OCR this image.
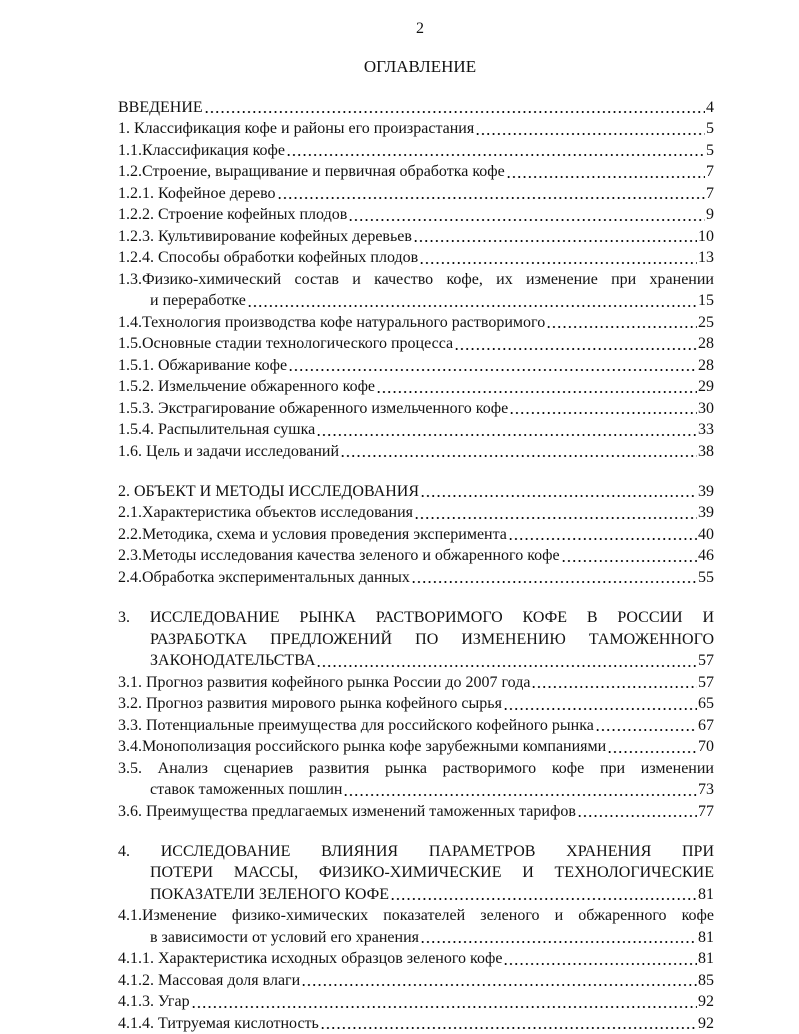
2
ОГЛАВЛЕНИЕ
ВВЕДЕНИЕ	4
1. Классификация кофе и районы его произрастания	5
1.1.Классификация кофе	5
1.2.Строение, выращивание и первичная обработка кофе	7
1.2.1. Кофейное дерево	7
1.2.2. Строение кофейных плодов	9
1.2.3. Культивирование кофейных деревьев	10
1.2.4. Способы обработки кофейных плодов	13
1.3.Физико-химический состав и качество кофе, их изменение при хранении
и переработке	15
1.4.Технология производства кофе натурального растворимого	25
1.5.Основные стадии технологического процесса	28
1.5.1. Обжаривание кофе	28
1.5.2. Измельчение обжаренного кофе	29
1.5.3. Экстрагирование обжаренного измельченного кофе	30
1.5.4. Распылительная сушка	33
1.6. Цель и задачи исследований	38
2. ОБЪЕКТ И МЕТОДЫ ИССЛЕДОВАНИЯ	39
2.1.Характеристика объектов исследования	39
2.2.Методика, схема и условия проведения эксперимента	40
2.3.Методы исследования качества зеленого и обжаренного кофе	46
2.4.Обработка экспериментальных данных	55
3. ИССЛЕДОВАНИЕ РЫНКА РАСТВОРИМОГО КОФЕ В РОССИИ И
РАЗРАБОТКА ПРЕДЛОЖЕНИЙ ПО ИЗМЕНЕНИЮ ТАМОЖЕННОГО
ЗАКОНОДАТЕЛЬСТВА	57
3.1. Прогноз развития кофейного рынка России до 2007 года	57
3.2. Прогноз развития мирового рынка кофейного сырья	65
3.3. Потенциальные преимущества для российского кофейного рынка	67
3.4.Монополизация российского рынка кофе зарубежными компаниями	70
3.5. Анализ сценариев развития рынка растворимого кофе при изменении
ставок таможенных пошлин	73
3.6. Преимущества предлагаемых изменений таможенных тарифов	77
4. ИССЛЕДОВАНИЕ ВЛИЯНИЯ ПАРАМЕТРОВ ХРАНЕНИЯ ПРИ
ПОТЕРИ МАССЫ, ФИЗИКО-ХИМИЧЕСКИЕ И ТЕХНОЛОГИЧЕСКИЕ
ПОКАЗАТЕЛИ ЗЕЛЕНОГО КОФЕ	81
4.1.Изменение физико-химических показателей зеленого и обжаренного кофе
в зависимости от условий его хранения	81
4.1.1. Характеристика исходных образцов зеленого кофе	81
4.1.2. Массовая доля влаги	85
4.1.3. Угар	92
4.1.4. Титруемая кислотность	92
